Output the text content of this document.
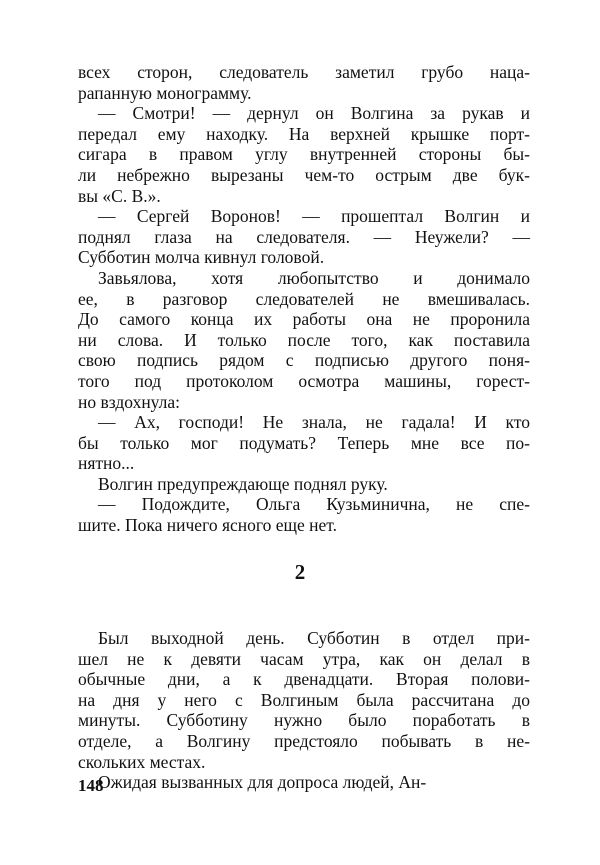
всех сторон, следователь заметил грубо нaца-
рапанную монограмму.
— Смотри! — дернул он Волгина за рукав и
передал ему находку. На верхней крышке порт-
сигара в правом углу внутренней стороны бы-
ли небрежно вырезаны чем-то острым две бук-
вы «С. В.».
— Сергей Воронов! — прошептал Волгин и
поднял глаза на следователя. — Неужели? —
Субботин молча кивнул головой.
Завьялова, хотя любопытство и донимало
ее, в разговор следователей не вмешивалась.
До самого конца их работы она не проронила
ни слова. И только после того, как поставила
свою подпись рядом с подписью другого поня-
того под протоколом осмотра машины, горест-
но вздохнула:
— Ах, господи! Не знала, не гадала! И кто
бы только мог подумать? Теперь мне все по-
нятно...
Волгин предупреждающе поднял руку.
— Подождите, Ольга Кузьминична, не спе-
шите. Пока ничего ясного еще нет.
2
Был выходной день. Субботин в отдел при-
шел не к девяти часам утра, как он делал в
обычные дни, а к двенадцати. Вторая полови-
на дня у него с Волгиным была рассчитана до
минуты. Субботину нужно было поработать в
отделе, а Волгину предстояло побывать в не-
скольких местах.
Ожидая вызванных для допроса людей, Ан-
148
